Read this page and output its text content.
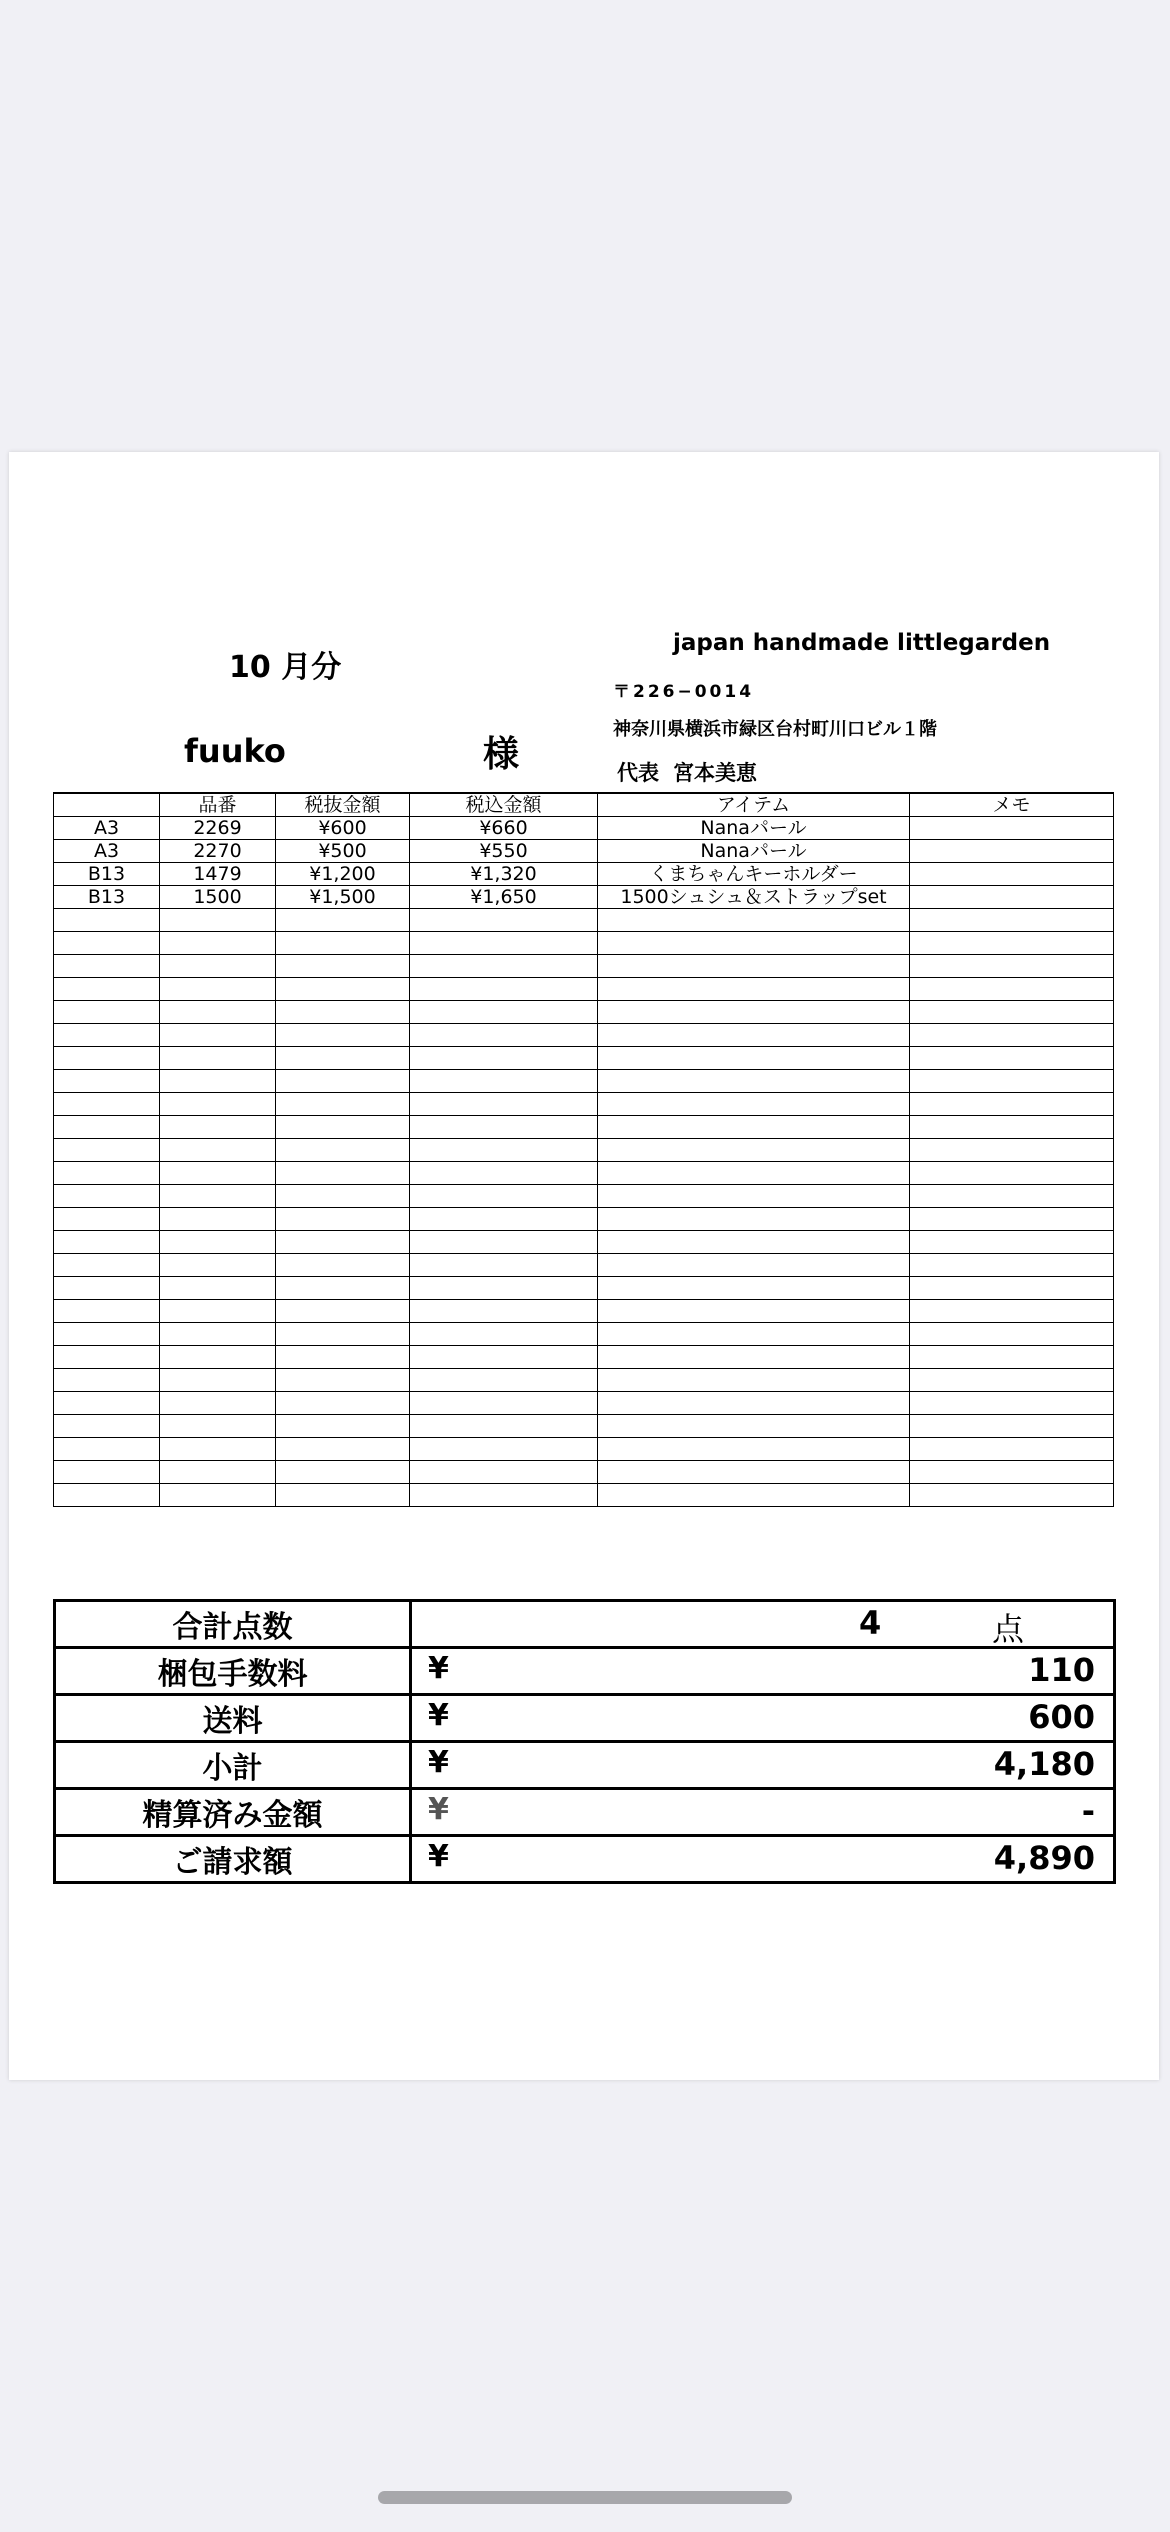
10 月分
japan handmade littlegarden
〒226−0014
神奈川県横浜市緑区台村町川口ビル１階
代表 宮本美恵
fuuko	様
	品番	税抜金額	税込金額	アイテム	メモ
A3	2269	¥600	¥660	Nanaパール	
A3	2270	¥500	¥550	Nanaパール	
B13	1479	¥1,200	¥1,320	くまちゃんキーホルダー	
B13	1500	¥1,500	¥1,650	1500シュシュ＆ストラップset	

合計点数	4 点

梱包手数料	¥ 110

送料	¥ 600

小計	¥ 4,180

精算済み金額	¥ -

ご請求額	¥ 4,890
